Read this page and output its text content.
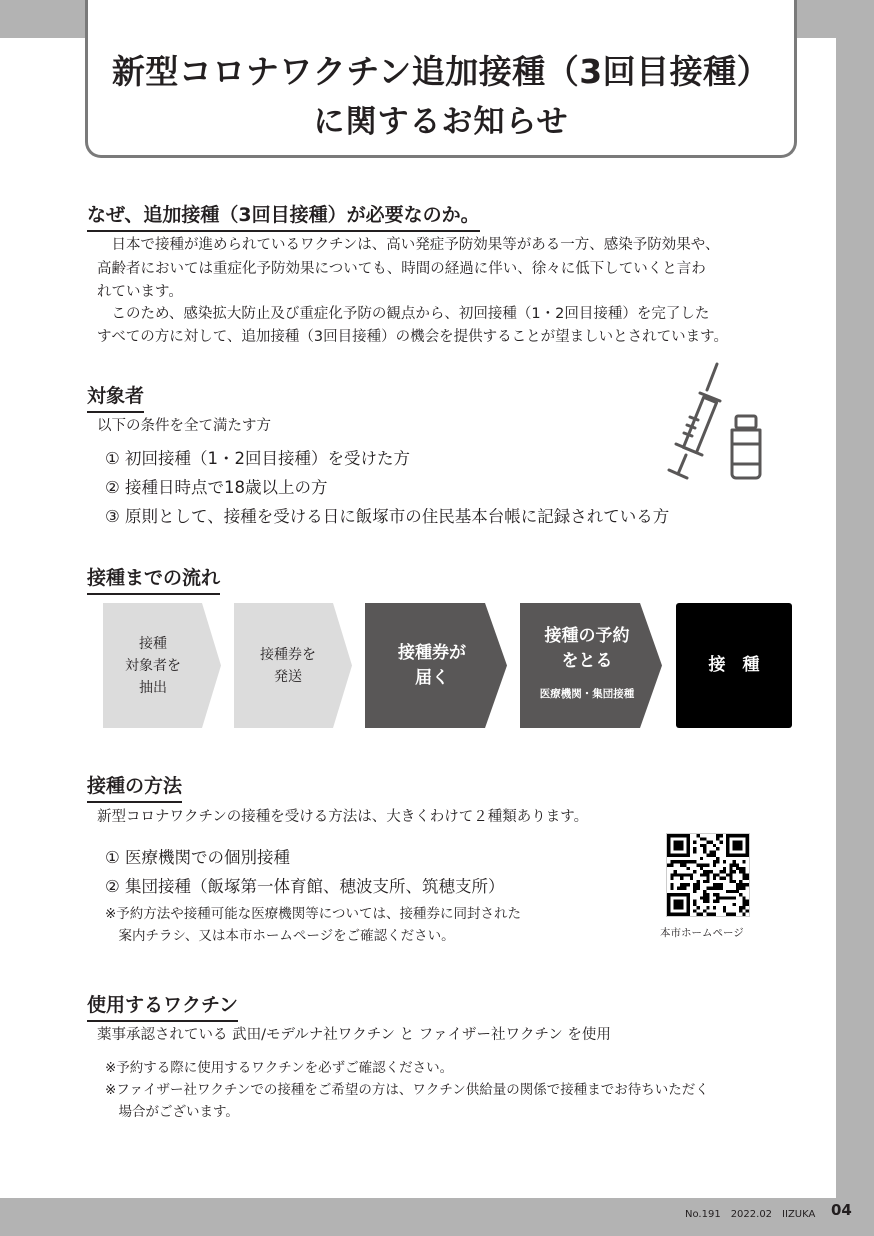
新型コロナワクチン追加接種（3回目接種）
に関するお知らせ
なぜ、追加接種（3回目接種）が必要なのか。
　日本で接種が進められているワクチンは、高い発症予防効果等がある一方、感染予防効果や、
高齢者においては重症化予防効果についても、時間の経過に伴い、徐々に低下していくと言わ
れています。
　このため、感染拡大防止及び重症化予防の観点から、初回接種（1・2回目接種）を完了した
すべての方に対して、追加接種（3回目接種）の機会を提供することが望ましいとされています。
対象者
以下の条件を全て満たす方
① 初回接種（1・2回目接種）を受けた方
② 接種日時点で18歳以上の方
③ 原則として、接種を受ける日に飯塚市の住民基本台帳に記録されている方
接種までの流れ
接種
対象者を
抽出
接種券を
発送
接種券が
届く
接種の予約
をとる
医療機関・集団接種
接　種
接種の方法
新型コロナワクチンの接種を受ける方法は、大きくわけて２種類あります。
① 医療機関での個別接種
② 集団接種（飯塚第一体育館、穂波支所、筑穂支所）
※予約方法や接種可能な医療機関等については、接種券に同封された
　案内チラシ、又は本市ホームページをご確認ください。	本市ホームページ
使用するワクチン
薬事承認されている 武田/モデルナ社ワクチン と ファイザー社ワクチン を使用
※予約する際に使用するワクチンを必ずご確認ください。
※ファイザー社ワクチンでの接種をご希望の方は、ワクチン供給量の関係で接種までお待ちいただく
　場合がございます。
No.191　2022.02　IIZUKA 04
